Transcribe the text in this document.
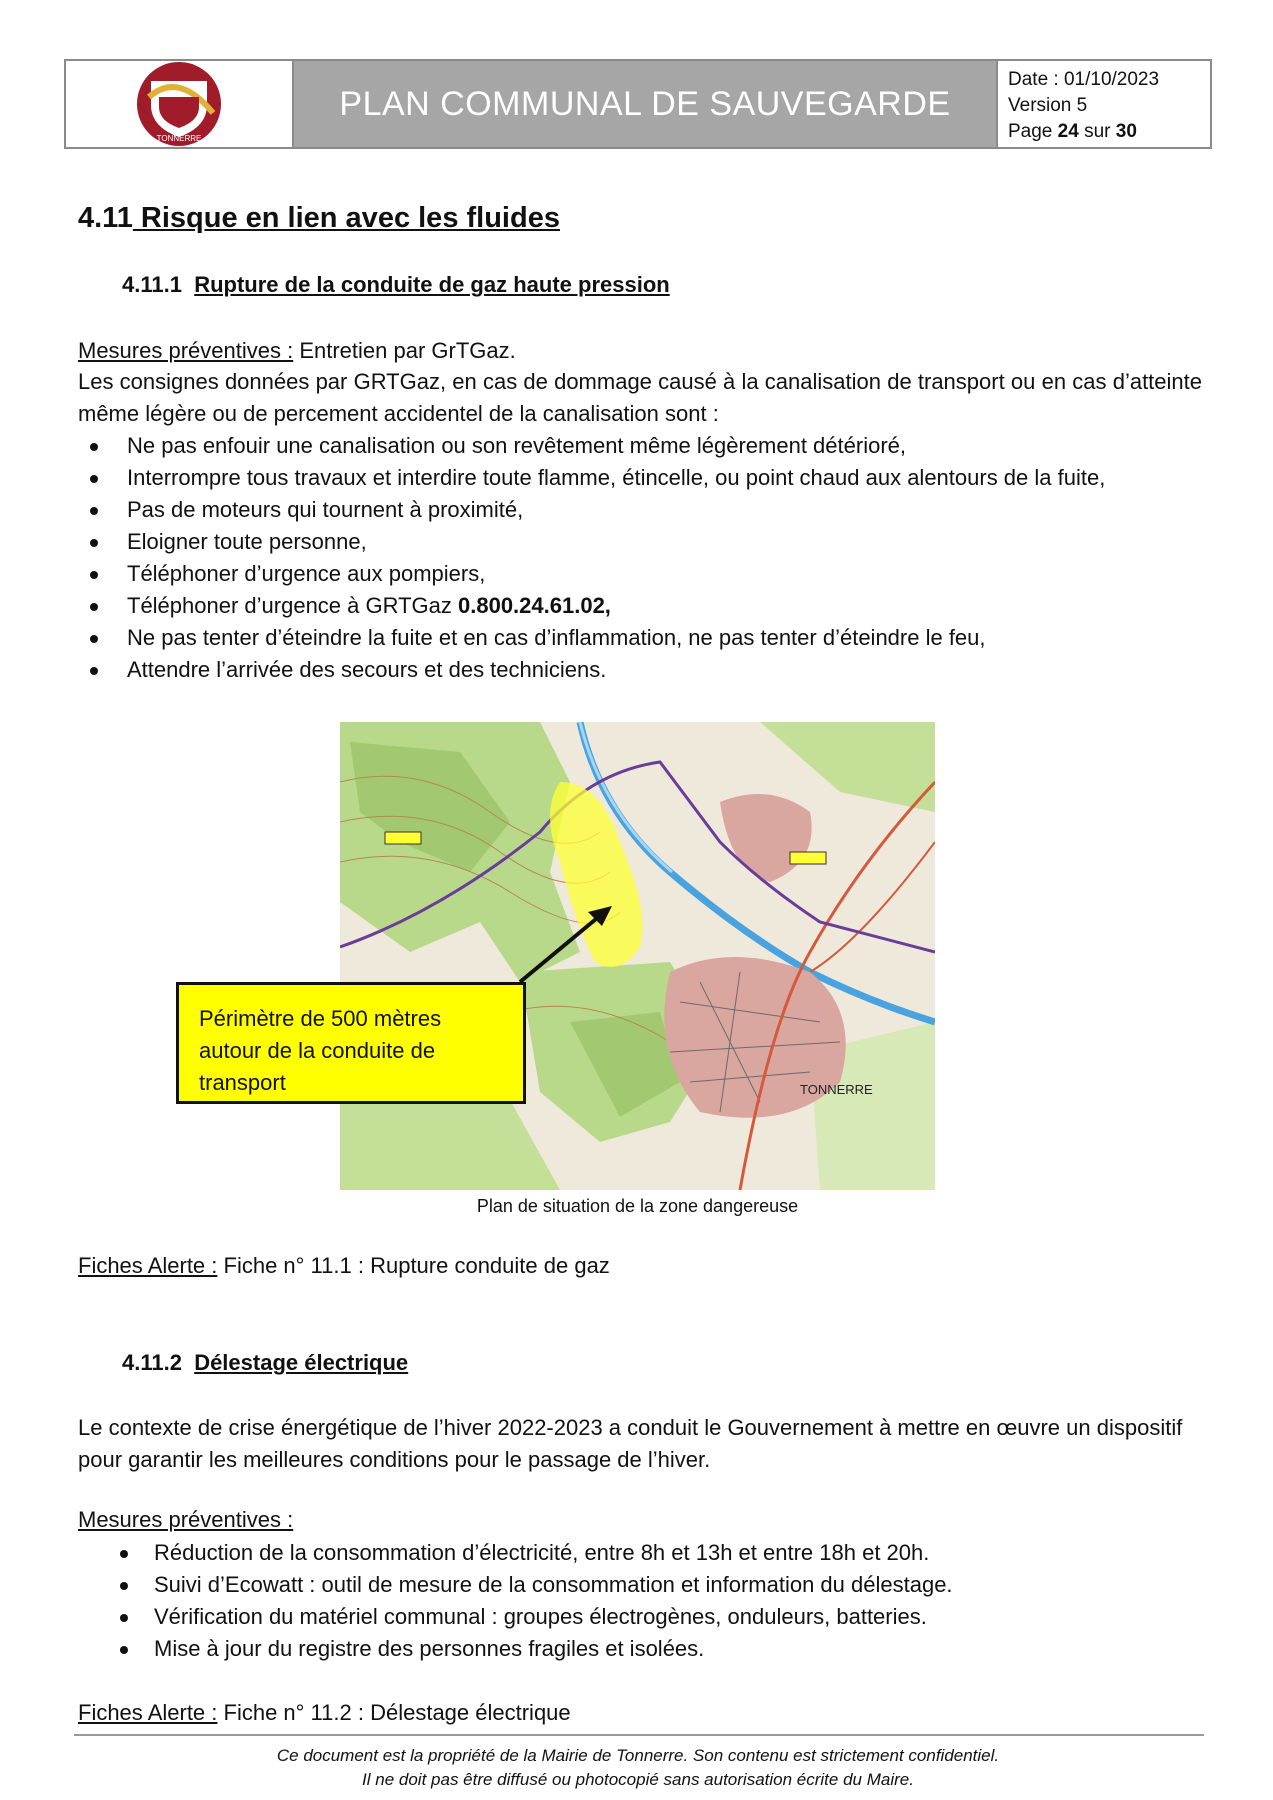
TONNERRE
PLAN COMMUNAL DE SAUVEGARDE
Date : 01/10/2023
Version 5
Page 24 sur 30
4.11 Risque en lien avec les fluides
4.11.1 Rupture de la conduite de gaz haute pression
Mesures préventives : Entretien par GrTGaz.
Les consignes données par GRTGaz, en cas de dommage causé à la canalisation de transport ou en cas d’atteinte même légère ou de percement accidentel de la canalisation sont :
Ne pas enfouir une canalisation ou son revêtement même légèrement détérioré,
Interrompre tous travaux et interdire toute flamme, étincelle, ou point chaud aux alentours de la fuite,
Pas de moteurs qui tournent à proximité,
Eloigner toute personne,
Téléphoner d’urgence aux pompiers,
Téléphoner d’urgence à GRTGaz 0.800.24.61.02,
Ne pas tenter d’éteindre la fuite et en cas d’inflammation, ne pas tenter d’éteindre le feu,
Attendre l’arrivée des secours et des techniciens.
TONNERRE
Périmètre de 500 mètres autour de la conduite de transport
Plan de situation de la zone dangereuse
Fiches Alerte : Fiche n° 11.1 : Rupture conduite de gaz
4.11.2 Délestage électrique
Le contexte de crise énergétique de l’hiver 2022-2023 a conduit le Gouvernement à mettre en œuvre un dispositif pour garantir les meilleures conditions pour le passage de l’hiver.
Mesures préventives :
Réduction de la consommation d’électricité, entre 8h et 13h et entre 18h et 20h.
Suivi d’Ecowatt : outil de mesure de la consommation et information du délestage.
Vérification du matériel communal : groupes électrogènes, onduleurs, batteries.
Mise à jour du registre des personnes fragiles et isolées.
Fiches Alerte : Fiche n° 11.2 : Délestage électrique
Ce document est la propriété de la Mairie de Tonnerre. Son contenu est strictement confidentiel.
Il ne doit pas être diffusé ou photocopié sans autorisation écrite du Maire.
